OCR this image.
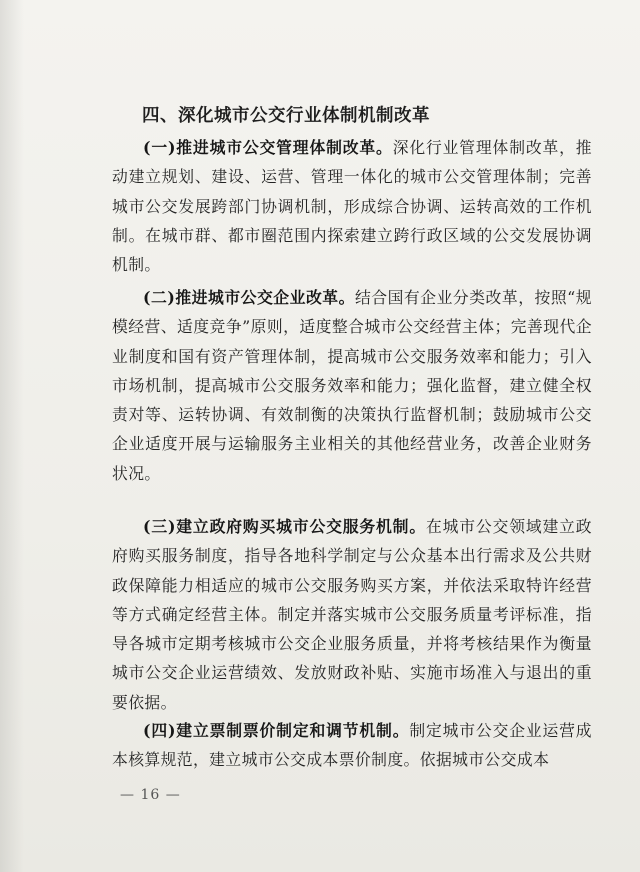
四、深化城市公交行业体制机制改革

(一)推进城市公交管理体制改革。深化行业管理体制改革，推动建立规划、建设、运营、管理一体化的城市公交管理体制；完善城市公交发展跨部门协调机制，形成综合协调、运转高效的工作机制。在城市群、都市圈范围内探索建立跨行政区域的公交发展协调机制。

(二)推进城市公交企业改革。结合国有企业分类改革，按照“规模经营、适度竞争”原则，适度整合城市公交经营主体；完善现代企业制度和国有资产管理体制，提高城市公交服务效率和能力；引入市场机制，提高城市公交服务效率和能力；强化监督，建立健全权责对等、运转协调、有效制衡的决策执行监督机制；鼓励城市公交企业适度开展与运输服务主业相关的其他经营业务，改善企业财务状况。

(三)建立政府购买城市公交服务机制。在城市公交领域建立政府购买服务制度，指导各地科学制定与公众基本出行需求及公共财政保障能力相适应的城市公交服务购买方案，并依法采取特许经营等方式确定经营主体。制定并落实城市公交服务质量考评标准，指导各城市定期考核城市公交企业服务质量，并将考核结果作为衡量城市公交企业运营绩效、发放财政补贴、实施市场准入与退出的重要依据。

(四)建立票制票价制定和调节机制。制定城市公交企业运营成本核算规范，建立城市公交成本票价制度。依据城市公交成本

— 16 —
